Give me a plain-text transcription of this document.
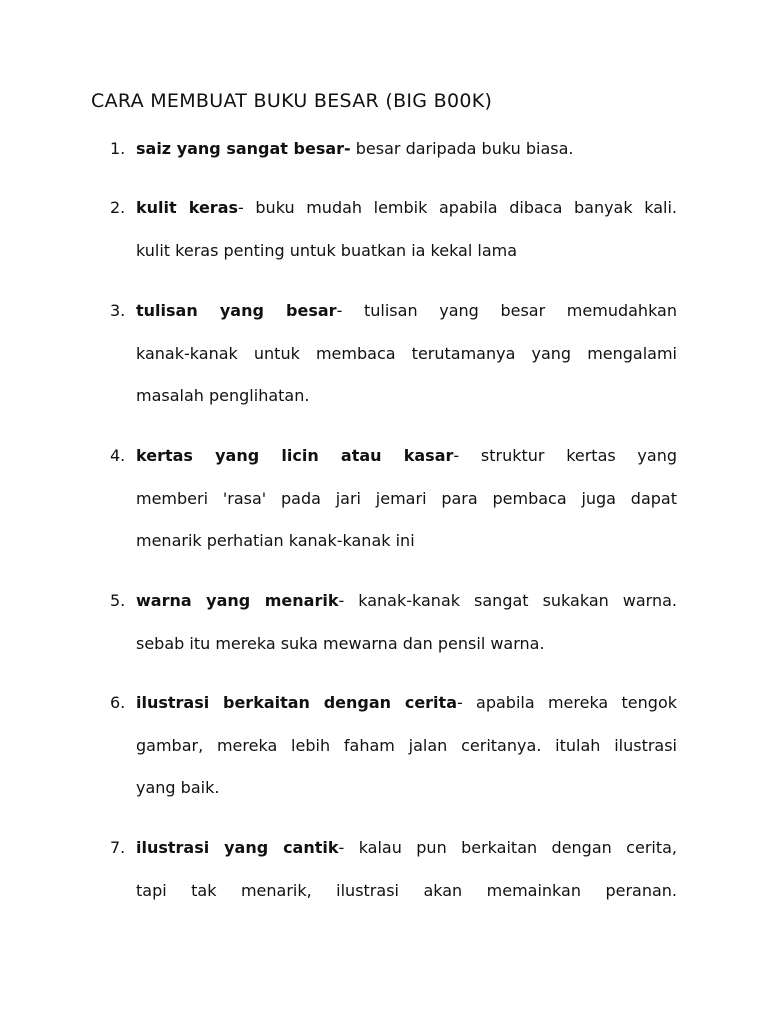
CARA MEMBUAT BUKU BESAR (BIG B00K)
1. saiz yang sangat besar- besar daripada buku biasa.
2. kulit keras- buku mudah lembik apabila dibaca banyak kali.
kulit keras penting untuk buatkan ia kekal lama
3. tulisan yang besar- tulisan yang besar memudahkan
kanak-kanak untuk membaca terutamanya yang mengalami
masalah penglihatan.
4. kertas yang licin atau kasar- struktur kertas yang
memberi 'rasa' pada jari jemari para pembaca juga dapat
menarik perhatian kanak-kanak ini
5. warna yang menarik- kanak-kanak sangat sukakan warna.
sebab itu mereka suka mewarna dan pensil warna.
6. ilustrasi berkaitan dengan cerita- apabila mereka tengok
gambar, mereka lebih faham jalan ceritanya. itulah ilustrasi
yang baik.
7. ilustrasi yang cantik- kalau pun berkaitan dengan cerita,
tapi tak menarik, ilustrasi akan memainkan peranan.
